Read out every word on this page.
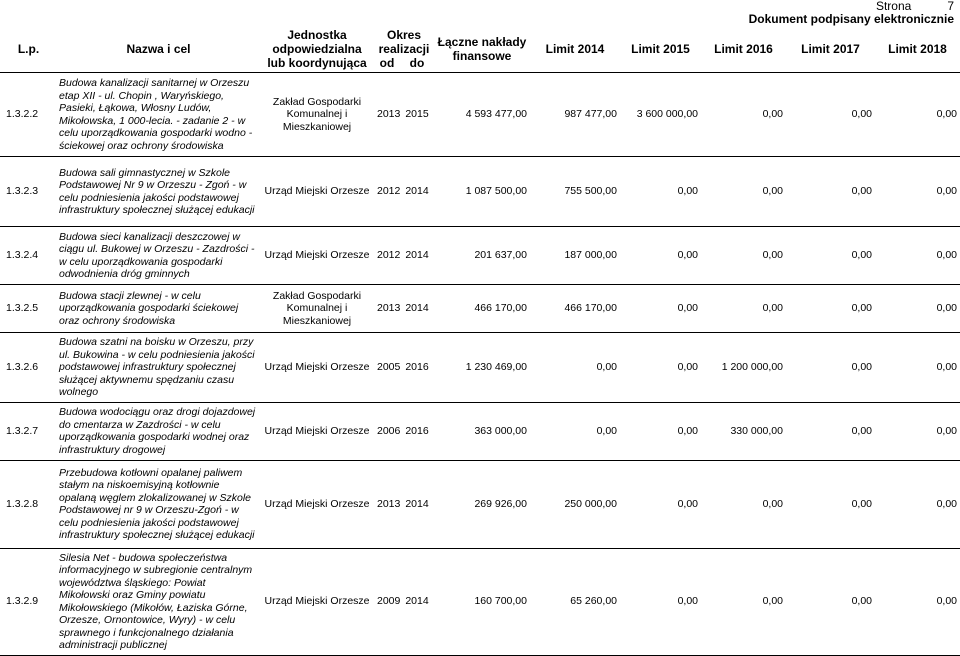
Strona	7
Dokument podpisany elektronicznie
L.p.	Nazwa i cel	Jednostka odpowiedzialna lub koordynująca	Okres realizacji		Łączne nakłady finansowe	Limit 2014	Limit 2015	Limit 2016	Limit 2017	Limit 2018
			od	do						
1.3.2.2	Budowa kanalizacji sanitarnej w Orzeszu etap XII - ul. Chopin , Waryńskiego, Pasieki, Łąkowa, Włosny Ludów, Mikołowska, 1 000-lecia. - zadanie 2 - w celu uporządkowania gospodarki wodno - ściekowej oraz ochrony środowiska	Zakład Gospodarki Komunalnej i Mieszkaniowej	2013	2015	4 593 477,00	987 477,00	3 600 000,00	0,00	0,00	0,00
1.3.2.3	Budowa sali gimnastycznej w Szkole Podstawowej Nr 9 w Orzeszu - Zgoń - w celu podniesienia jakości podstawowej infrastruktury społecznej służącej edukacji	Urząd Miejski Orzesze	2012	2014	1 087 500,00	755 500,00	0,00	0,00	0,00	0,00
1.3.2.4	Budowa sieci kanalizacji deszczowej w ciągu ul. Bukowej w Orzeszu - Zazdrości - w celu uporządkowania gospodarki odwodnienia dróg gminnych	Urząd Miejski Orzesze	2012	2014	201 637,00	187 000,00	0,00	0,00	0,00	0,00
1.3.2.5	Budowa stacji zlewnej - w celu uporządkowania gospodarki ściekowej oraz ochrony środowiska	Zakład Gospodarki Komunalnej i Mieszkaniowej	2013	2014	466 170,00	466 170,00	0,00	0,00	0,00	0,00
1.3.2.6	Budowa szatni na boisku w Orzeszu, przy ul. Bukowina - w celu podniesienia jakości podstawowej infrastruktury społecznej służącej aktywnemu spędzaniu czasu wolnego	Urząd Miejski Orzesze	2005	2016	1 230 469,00	0,00	0,00	1 200 000,00	0,00	0,00
1.3.2.7	Budowa wodociągu oraz drogi dojazdowej do cmentarza w Zazdrości - w celu uporządkowania gospodarki wodnej oraz infrastruktury drogowej	Urząd Miejski Orzesze	2006	2016	363 000,00	0,00	0,00	330 000,00	0,00	0,00
1.3.2.8	Przebudowa kotłowni opalanej paliwem stałym na niskoemisyjną kotłownie opalaną węglem zlokalizowanej w Szkole Podstawowej nr 9 w Orzeszu-Zgoń - w celu podniesienia jakości podstawowej infrastruktury społecznej służącej edukacji	Urząd Miejski Orzesze	2013	2014	269 926,00	250 000,00	0,00	0,00	0,00	0,00
1.3.2.9	Silesia Net - budowa społeczeństwa informacyjnego w subregionie centralnym województwa śląskiego: Powiat Mikołowski oraz Gminy powiatu Mikołowskiego (Mikołów, Łaziska Górne, Orzesze, Ornontowice, Wyry) - w celu sprawnego i funkcjonalnego działania administracji publicznej	Urząd Miejski Orzesze	2009	2014	160 700,00	65 260,00	0,00	0,00	0,00	0,00
